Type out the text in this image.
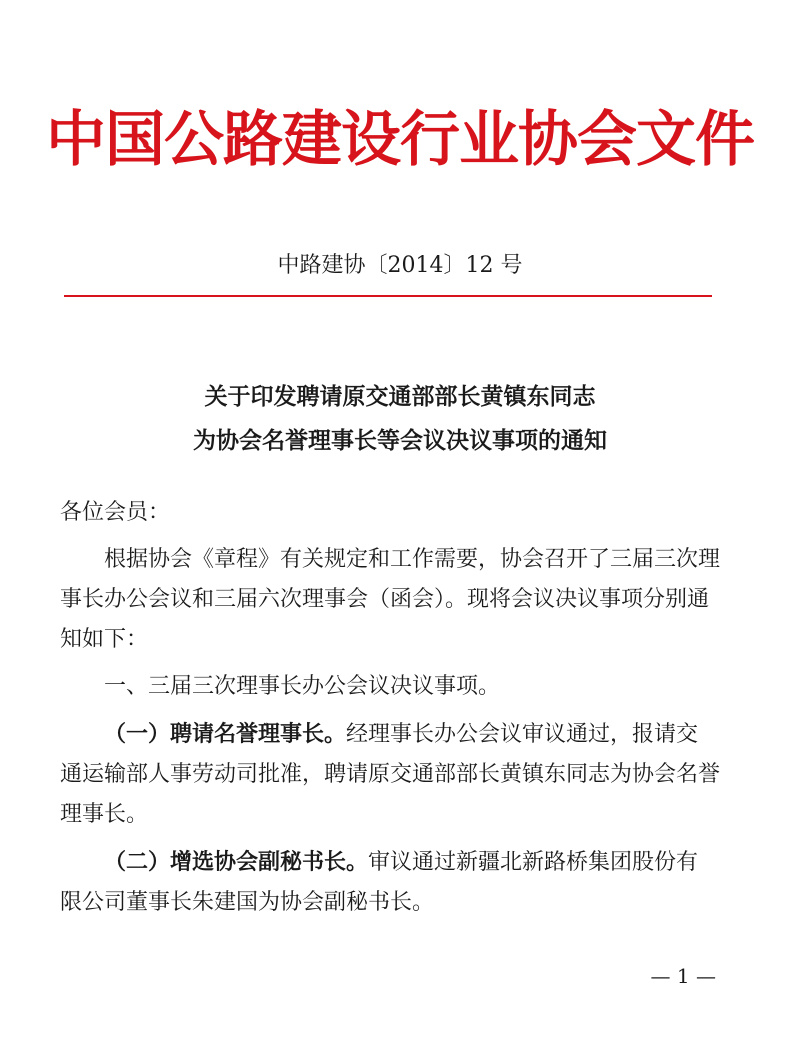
中国公路建设行业协会文件
中路建协〔2014〕12 号
关于印发聘请原交通部部长黄镇东同志
为协会名誉理事长等会议决议事项的通知

各位会员：

根据协会《章程》有关规定和工作需要，协会召开了三届三次理事长办公会议和三届六次理事会（函会）。现将会议决议事项分别通知如下：

一、三届三次理事长办公会议决议事项。

（一）聘请名誉理事长。经理事长办公会议审议通过，报请交通运输部人事劳动司批准，聘请原交通部部长黄镇东同志为协会名誉理事长。

（二）增选协会副秘书长。审议通过新疆北新路桥集团股份有限公司董事长朱建国为协会副秘书长。

— 1 —
